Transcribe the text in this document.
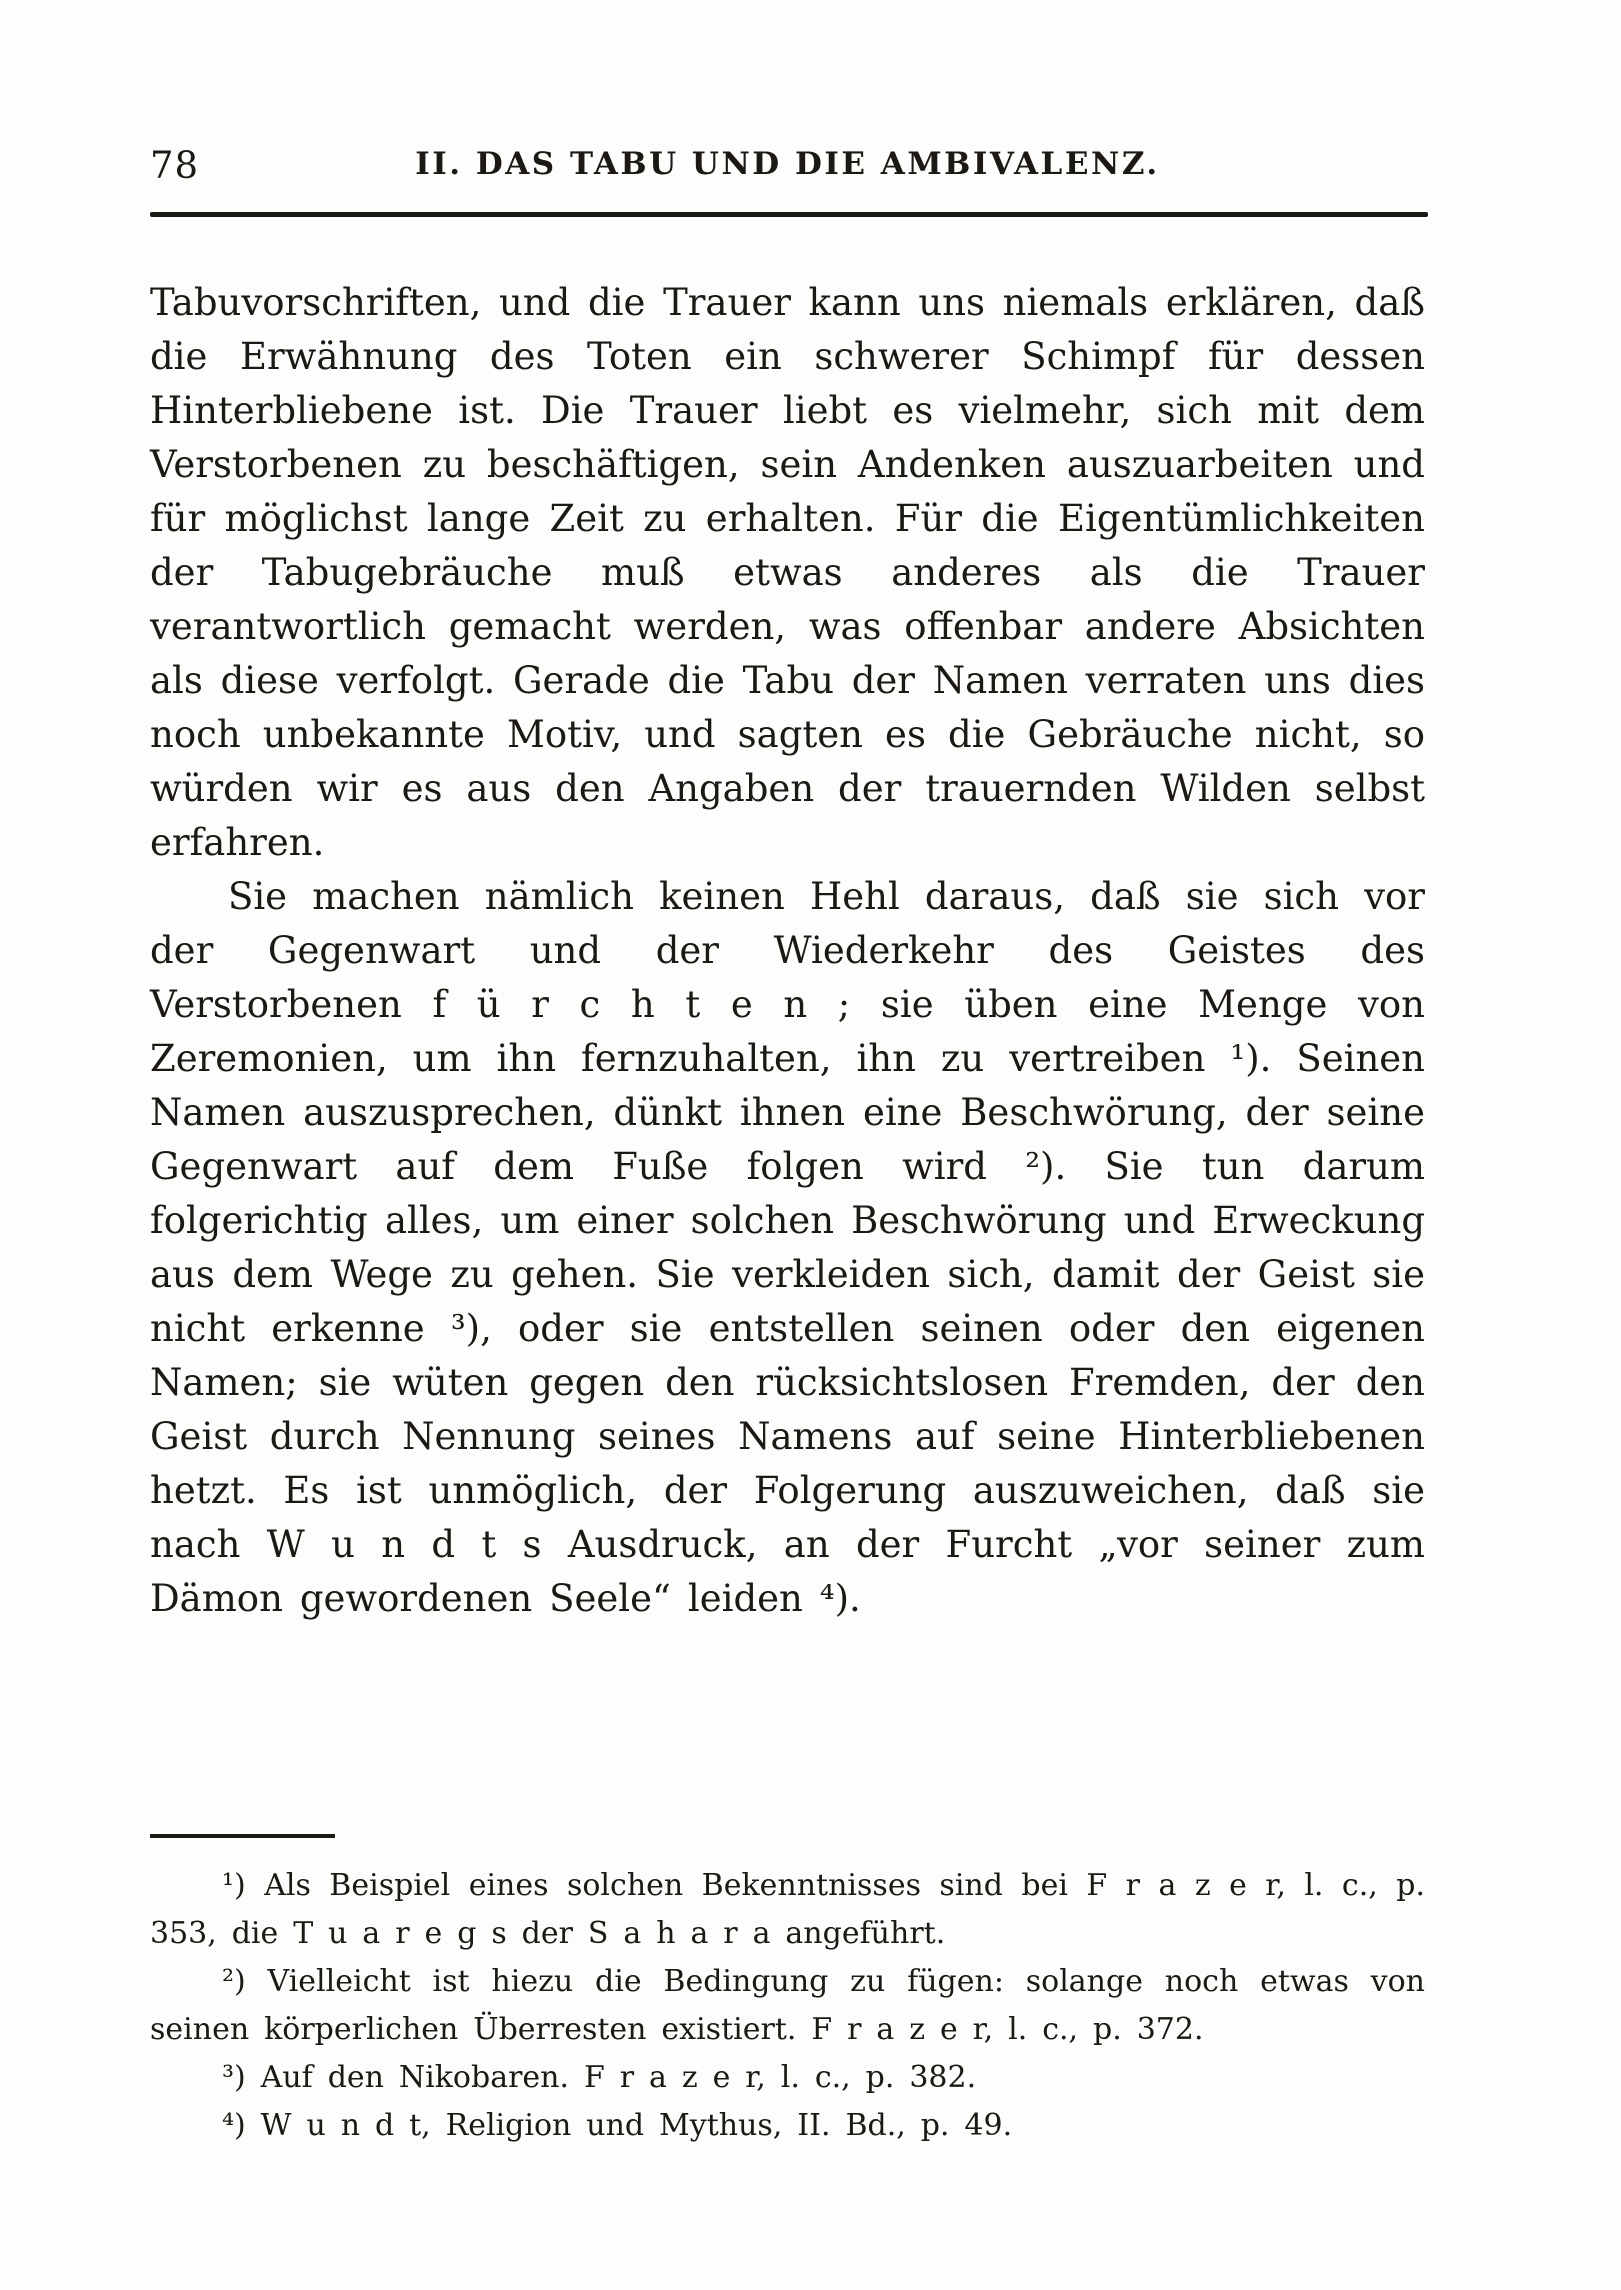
78	II. DAS TABU UND DIE AMBIVALENZ.

Tabuvorschriften, und die Trauer kann uns niemals erklären, daß die Erwähnung des Toten ein schwerer Schimpf für dessen Hinterbliebene ist. Die Trauer liebt es vielmehr, sich mit dem Verstorbenen zu beschäftigen, sein Andenken auszuarbeiten und für möglichst lange Zeit zu erhalten. Für die Eigentümlichkeiten der Tabugebräuche muß etwas anderes als die Trauer verantwortlich gemacht werden, was offenbar andere Absichten als diese verfolgt. Gerade die Tabu der Namen verraten uns dies noch unbekannte Motiv, und sagten es die Gebräuche nicht, so würden wir es aus den Angaben der trauernden Wilden selbst erfahren.

Sie machen nämlich keinen Hehl daraus, daß sie sich vor der Gegenwart und der Wiederkehr des Geistes des Verstorbenen f ü r c h t e n ; sie üben eine Menge von Zeremonien, um ihn fernzuhalten, ihn zu vertreiben ¹). Seinen Namen auszusprechen, dünkt ihnen eine Beschwörung, der seine Gegenwart auf dem Fuße folgen wird ²). Sie tun darum folgerichtig alles, um einer solchen Beschwörung und Erweckung aus dem Wege zu gehen. Sie verkleiden sich, damit der Geist sie nicht erkenne ³), oder sie entstellen seinen oder den eigenen Namen; sie wüten gegen den rücksichtslosen Fremden, der den Geist durch Nennung seines Namens auf seine Hinterbliebenen hetzt. Es ist unmöglich, der Folgerung auszuweichen, daß sie nach W u n d t s Ausdruck, an der Furcht „vor seiner zum Dämon gewordenen Seele“ leiden ⁴).

¹) Als Beispiel eines solchen Bekenntnisses sind bei F r a z e r, l. c., p. 353, die T u a r e g s der S a h a r a angeführt.

²) Vielleicht ist hiezu die Bedingung zu fügen: solange noch etwas von seinen körperlichen Überresten existiert. F r a z e r, l. c., p. 372.

³) Auf den Nikobaren. F r a z e r, l. c., p. 382.

⁴) W u n d t, Religion und Mythus, II. Bd., p. 49.
